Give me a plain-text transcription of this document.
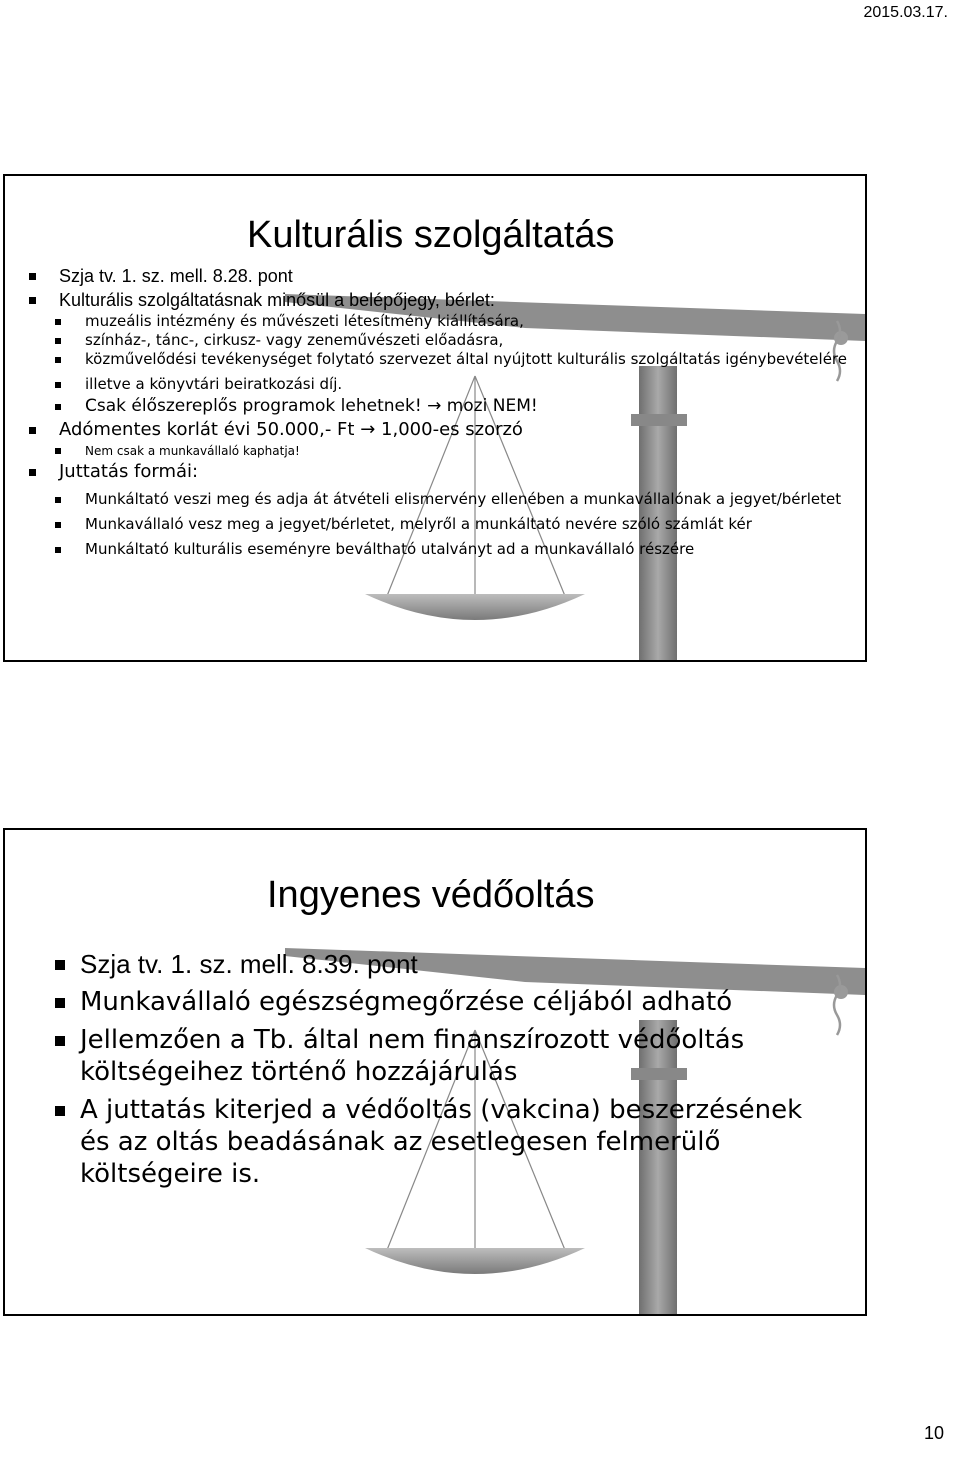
2015.03.17.
Kulturális szolgáltatás
Szja tv. 1. sz. mell. 8.28. pont
Kulturális szolgáltatásnak minősül a belépőjegy, bérlet:
muzeális intézmény és művészeti létesítmény kiállítására,
színház-, tánc-, cirkusz- vagy zeneművészeti előadásra,
közművelődési tevékenységet folytató szervezet által nyújtott kulturális szolgáltatás igénybevételére
illetve a könyvtári beiratkozási díj.
Csak élőszereplős programok lehetnek! → mozi NEM!
Adómentes korlát évi 50.000,- Ft → 1,000-es szorzó
Nem csak a munkavállaló kaphatja!
Juttatás formái:
Munkáltató veszi meg és adja át átvételi elismervény ellenében a munkavállalónak a jegyet/bérletet
Munkavállaló vesz meg a jegyet/bérletet, melyről a munkáltató nevére szóló számlát kér
Munkáltató kulturális eseményre beváltható utalványt ad a munkavállaló részére
Ingyenes védőoltás
Szja tv. 1. sz. mell. 8.39. pont
Munkavállaló egészségmegőrzése céljából adható
Jellemzően a Tb. által nem finanszírozott védőoltás költségeihez történő hozzájárulás
A juttatás kiterjed a védőoltás (vakcina) beszerzésének és az oltás beadásának az esetlegesen felmerülő költségeire is.
10
